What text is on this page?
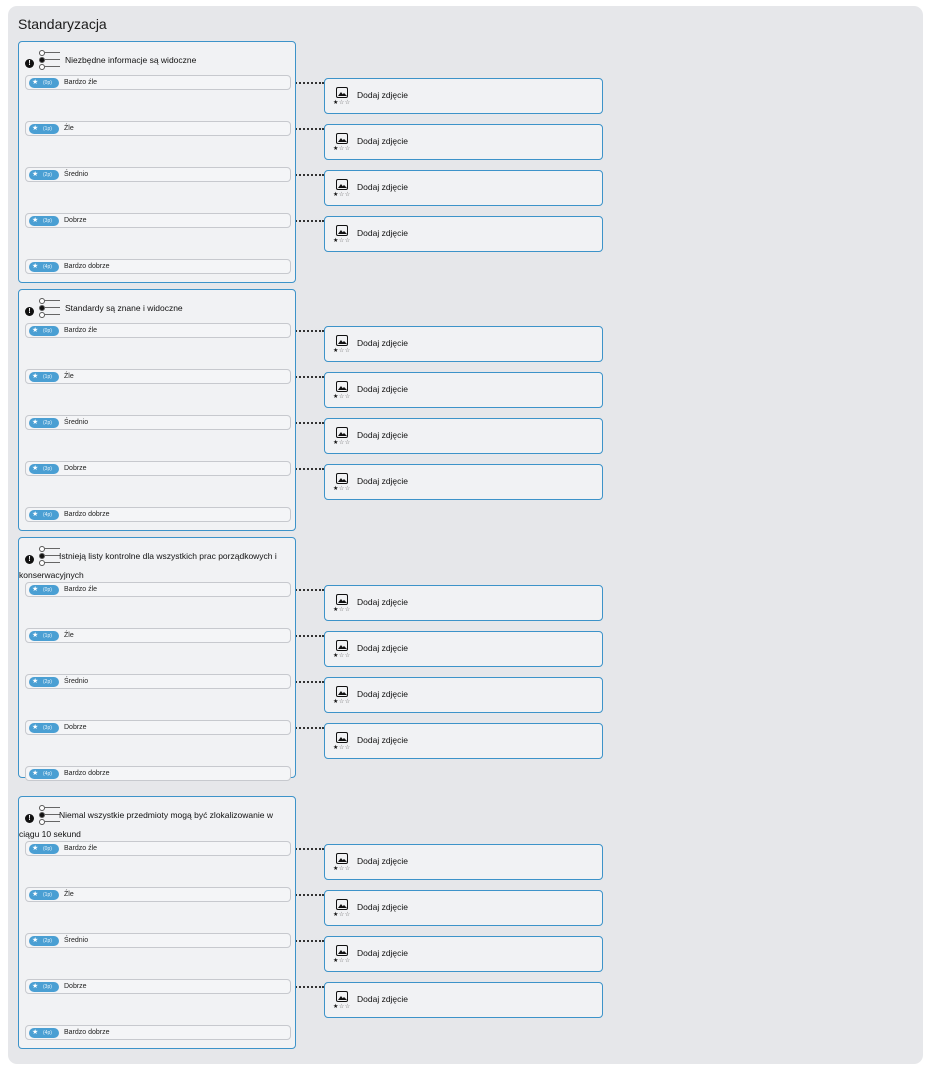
Standaryzacja
Dodaj zdjęcie
★☆☆
Dodaj zdjęcie
★☆☆
Dodaj zdjęcie
★☆☆
Dodaj zdjęcie
★☆☆
!	Niezbędne informacje są widoczne
★ (0p) Bardzo źle
★ (1p) Źle
★ (2p) Średnio
★ (3p) Dobrze
★ (4p) Bardzo dobrze
Dodaj zdjęcie
★☆☆
Dodaj zdjęcie
★☆☆
Dodaj zdjęcie
★☆☆
Dodaj zdjęcie
★☆☆
!	Standardy są znane i widoczne
★ (0p) Bardzo źle
★ (1p) Źle
★ (2p) Średnio
★ (3p) Dobrze
★ (4p) Bardzo dobrze
Dodaj zdjęcie
★☆☆
Dodaj zdjęcie
★☆☆
Dodaj zdjęcie
★☆☆
Dodaj zdjęcie
★☆☆
!	Istnieją listy kontrolne dla wszystkich prac porządkowych i konserwacyjnych
★ (0p) Bardzo źle
★ (1p) Źle
★ (2p) Średnio
★ (3p) Dobrze
★ (4p) Bardzo dobrze
Dodaj zdjęcie
★☆☆
Dodaj zdjęcie
★☆☆
Dodaj zdjęcie
★☆☆
Dodaj zdjęcie
★☆☆
!	Niemal wszystkie przedmioty mogą być zlokalizowanie w ciągu 10 sekund
★ (0p) Bardzo źle
★ (1p) Źle
★ (2p) Średnio
★ (3p) Dobrze
★ (4p) Bardzo dobrze
